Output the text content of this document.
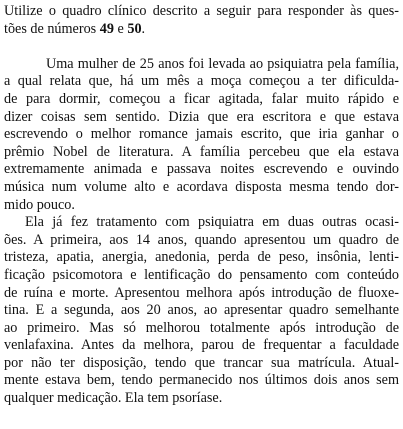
Utilize o quadro clínico descrito a seguir para responder às ques-
tões de números 49 e 50.
Uma mulher de 25 anos foi levada ao psiquiatra pela família,
a qual relata que, há um mês a moça começou a ter dificulda-
de para dormir, começou a ficar agitada, falar muito rápido e
dizer coisas sem sentido. Dizia que era escritora e que estava
escrevendo o melhor romance jamais escrito, que iria ganhar o
prêmio Nobel de literatura. A família percebeu que ela estava
extremamente animada e passava noites escrevendo e ouvindo
música num volume alto e acordava disposta mesma tendo dor-
mido pouco.
Ela já fez tratamento com psiquiatra em duas outras ocasi-
ões. A primeira, aos 14 anos, quando apresentou um quadro de
tristeza, apatia, anergia, anedonia, perda de peso, insônia, lenti-
ficação psicomotora e lentificação do pensamento com conteúdo
de ruína e morte. Apresentou melhora após introdução de fluoxe-
tina. E a segunda, aos 20 anos, ao apresentar quadro semelhante
ao primeiro. Mas só melhorou totalmente após introdução de
venlafaxina. Antes da melhora, parou de frequentar a faculdade
por não ter disposição, tendo que trancar sua matrícula. Atual-
mente estava bem, tendo permanecido nos últimos dois anos sem
qualquer medicação. Ela tem psoríase.
